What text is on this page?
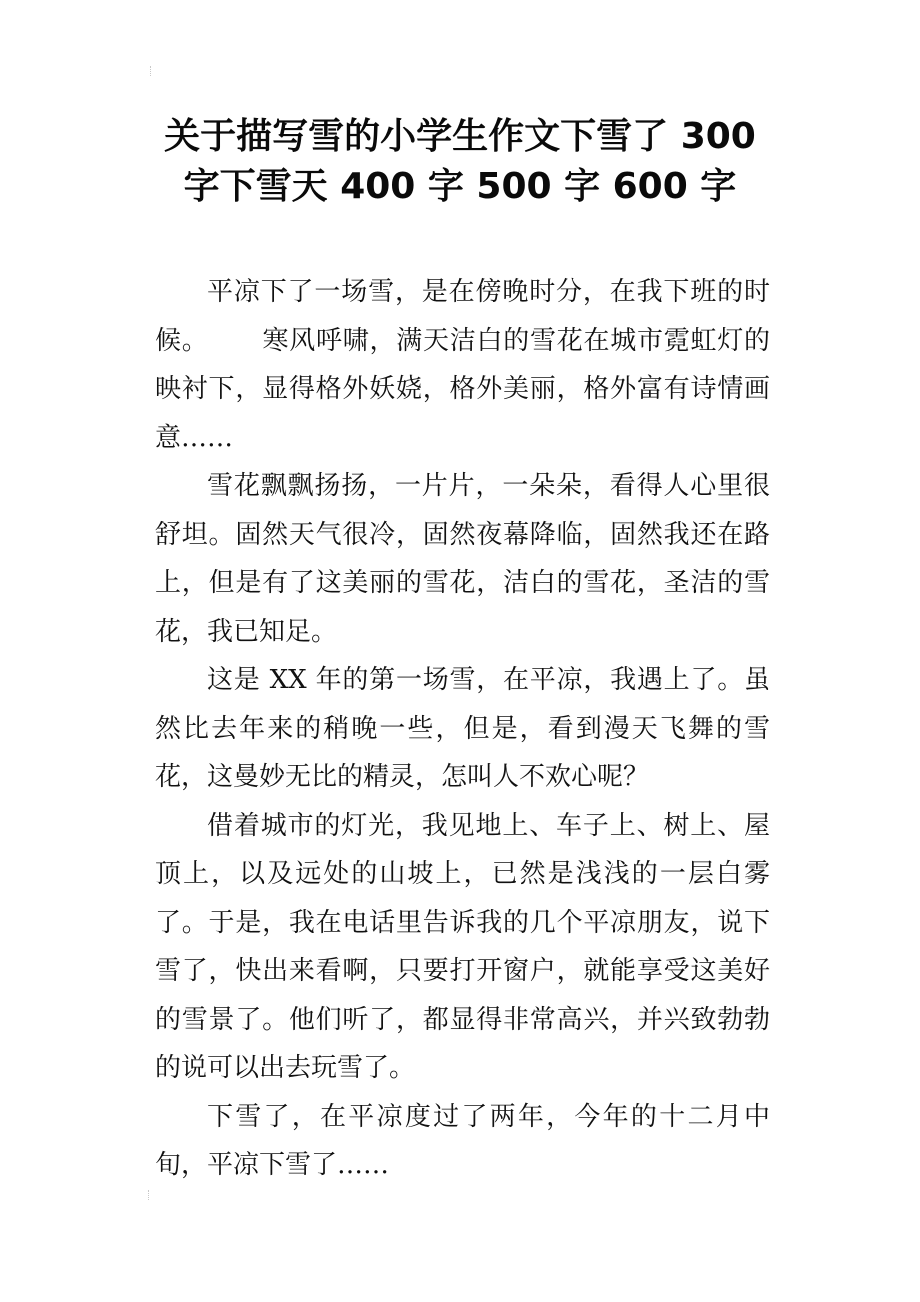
关于描写雪的小学生作文下雪了 300
字下雪天 400 字 500 字 600 字

平凉下了一场雪，是在傍晚时分，在我下班的时候。      寒风呼啸，满天洁白的雪花在城市霓虹灯的映衬下，显得格外妖娆，格外美丽，格外富有诗情画意……

雪花飘飘扬扬，一片片，一朵朵，看得人心里很舒坦。固然天气很冷，固然夜幕降临，固然我还在路上，但是有了这美丽的雪花，洁白的雪花，圣洁的雪花，我已知足。

这是 XX 年的第一场雪，在平凉，我遇上了。虽然比去年来的稍晚一些，但是，看到漫天飞舞的雪花，这曼妙无比的精灵，怎叫人不欢心呢？

借着城市的灯光，我见地上、车子上、树上、屋顶上，以及远处的山坡上，已然是浅浅的一层白雾了。于是，我在电话里告诉我的几个平凉朋友，说下雪了，快出来看啊，只要打开窗户，就能享受这美好的雪景了。他们听了，都显得非常高兴，并兴致勃勃的说可以出去玩雪了。

下雪了，在平凉度过了两年，今年的十二月中旬，平凉下雪了……
